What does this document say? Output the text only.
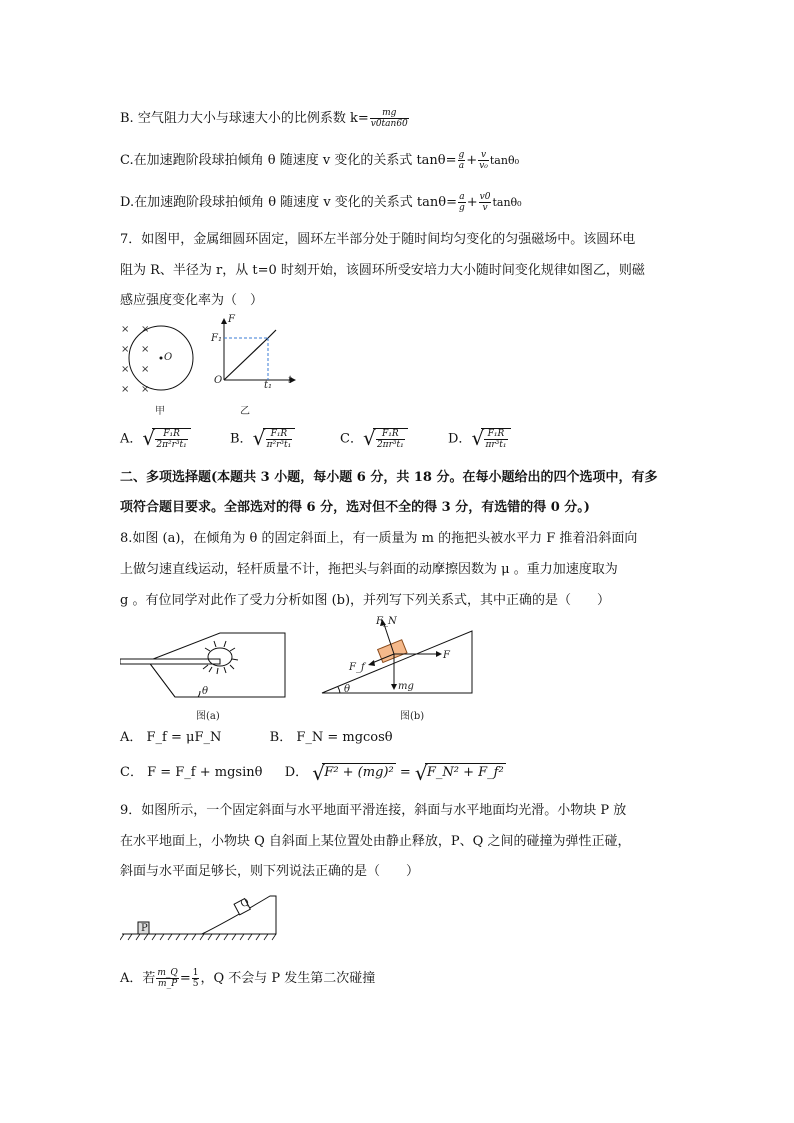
B. 空气阻力大小与球速大小的比例系数 $k= \frac{mg}{v0\tan 60}$
C.在加速跑阶段球拍倾角 θ 随速度 v 变化的关系式 $\tan\theta= \frac{g}{a} + \frac{v}{\text{v₀}} \tan\theta_0$
D.在加速跑阶段球拍倾角 θ 随速度 v 变化的关系式 $\tan\theta= \frac{a}{g} + \frac{v0}{v} \tan\theta_0$
7．如图甲，金属细圆环固定，圆环左半部分处于随时间均匀变化的匀强磁场中。该圆环电
阻为 R、半径为 r，从 t=0 时刻开始，该圆环所受安培力大小随时间变化规律如图乙，则磁
感应强度变化率为（　）
× ×
× ×
× ×
× ×
O
甲
F
F₁
O	t₁ t
乙
A． √ $\frac{\text{F₁R}}{\text{2π²r³t₁}}$	B． √ $\frac{\text{F₁R}}{\text{π²r³t₁}}$	C． √ $\frac{\text{F₁R}}{\text{2πr³t₁}}$	D． √ $\frac{\text{F₁R}}{\text{πr³t₁}}$
二、多项选择题(本题共 3 小题，每小题 6 分，共 18 分。在每小题给出的四个选项中，有多
项符合题目要求。全部选对的得 6 分，选对但不全的得 3 分，有选错的得 0 分。)
8.如图 (a)，在倾角为 θ 的固定斜面上，有一质量为 m 的拖把头被水平力 F 推着沿斜面向
上做匀速直线运动，轻杆质量不计，拖把头与斜面的动摩擦因数为 μ 。重力加速度取为
g 。有位同学对此作了受力分析如图 (b)，并列写下列关系式，其中正确的是（　　）
θ
图(a)
F_N
F
F_f
mg
θ
图(b)
A． F_f = μF_N	B． F_N = mgcosθ
C． F = F_f + mgsinθ D． √ F² + (mg)² = √ F_N² + F_f²
9．如图所示，一个固定斜面与水平地面平滑连接，斜面与水平地面均光滑。小物块 P 放
在水平地面上，小物块 Q 自斜面上某位置处由静止释放，P、Q 之间的碰撞为弹性正碰，
斜面与水平面足够长，则下列说法正确的是（　　）
P
Q
A．若 $\frac{m\_Q}{m\_P} = \frac{1}{5}$ ，Q 不会与 P 发生第二次碰撞
